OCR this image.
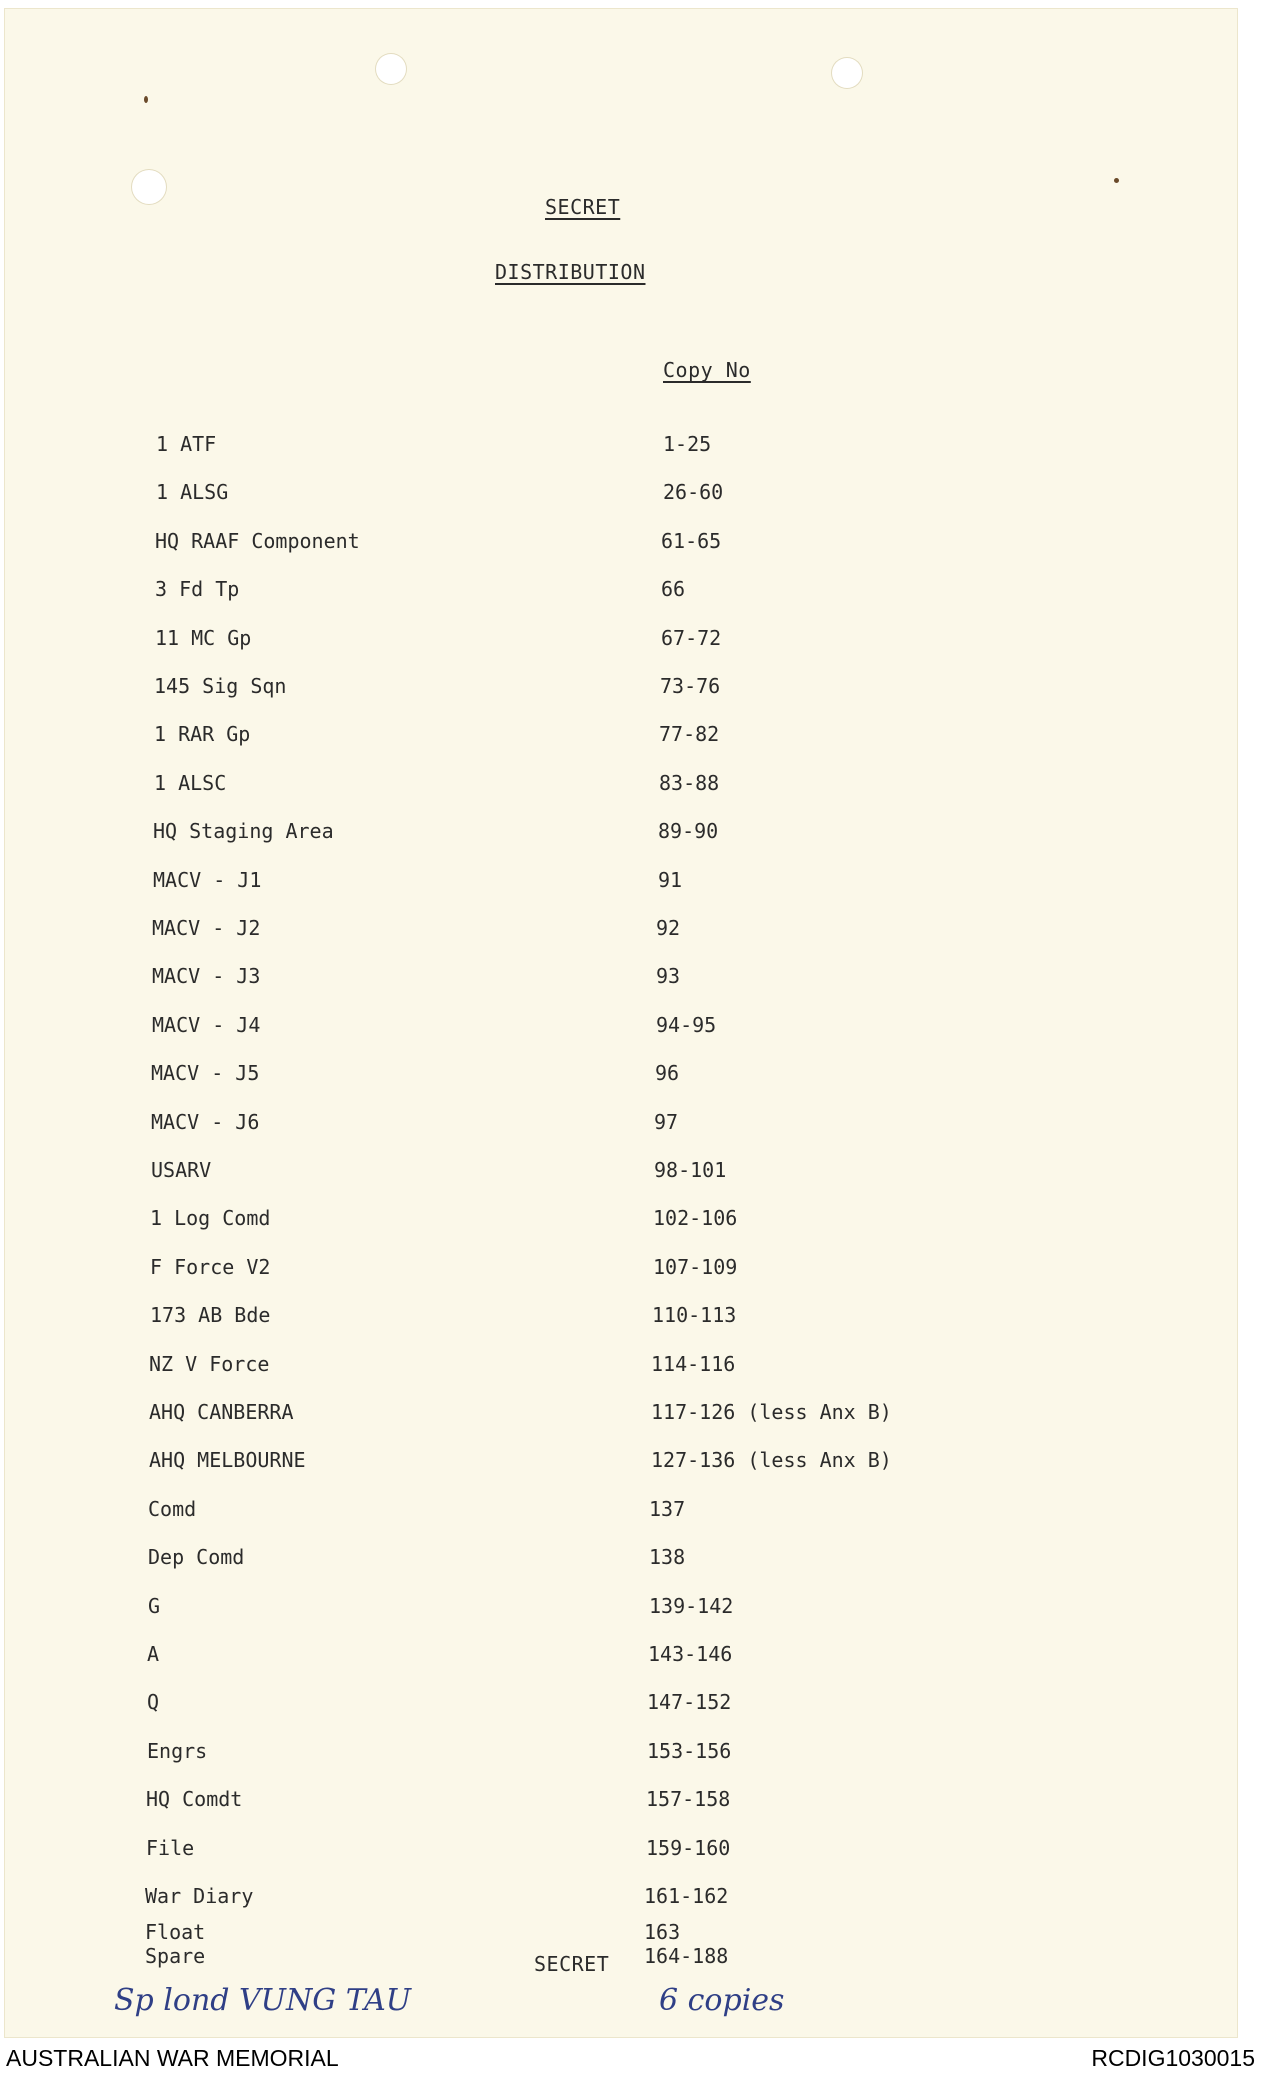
SECRET
DISTRIBUTION
Copy No
1 ATF	1-25
1 ALSG	26-60
HQ RAAF Component	61-65
3 Fd Tp	66
11 MC Gp	67-72
145 Sig Sqn	73-76
1 RAR Gp	77-82
1 ALSC	83-88
HQ Staging Area	89-90
MACV - J1	91
MACV - J2	92
MACV - J3	93
MACV - J4	94-95
MACV - J5	96
MACV - J6	97
USARV	98-101
1 Log Comd	102-106
F Force V2	107-109
173 AB Bde	110-113
NZ V Force	114-116
AHQ CANBERRA	117-126 (less Anx B)
AHQ MELBOURNE	127-136 (less Anx B)
Comd	137
Dep Comd	138
G	139-142
A	143-146
Q	147-152
Engrs	153-156
HQ Comdt	157-158
File	159-160
War Diary	161-162
Float	163
Spare	164-188
SECRET
Sp lond VUNG TAU	6 copies
AUSTRALIAN WAR MEMORIAL	RCDIG1030015
